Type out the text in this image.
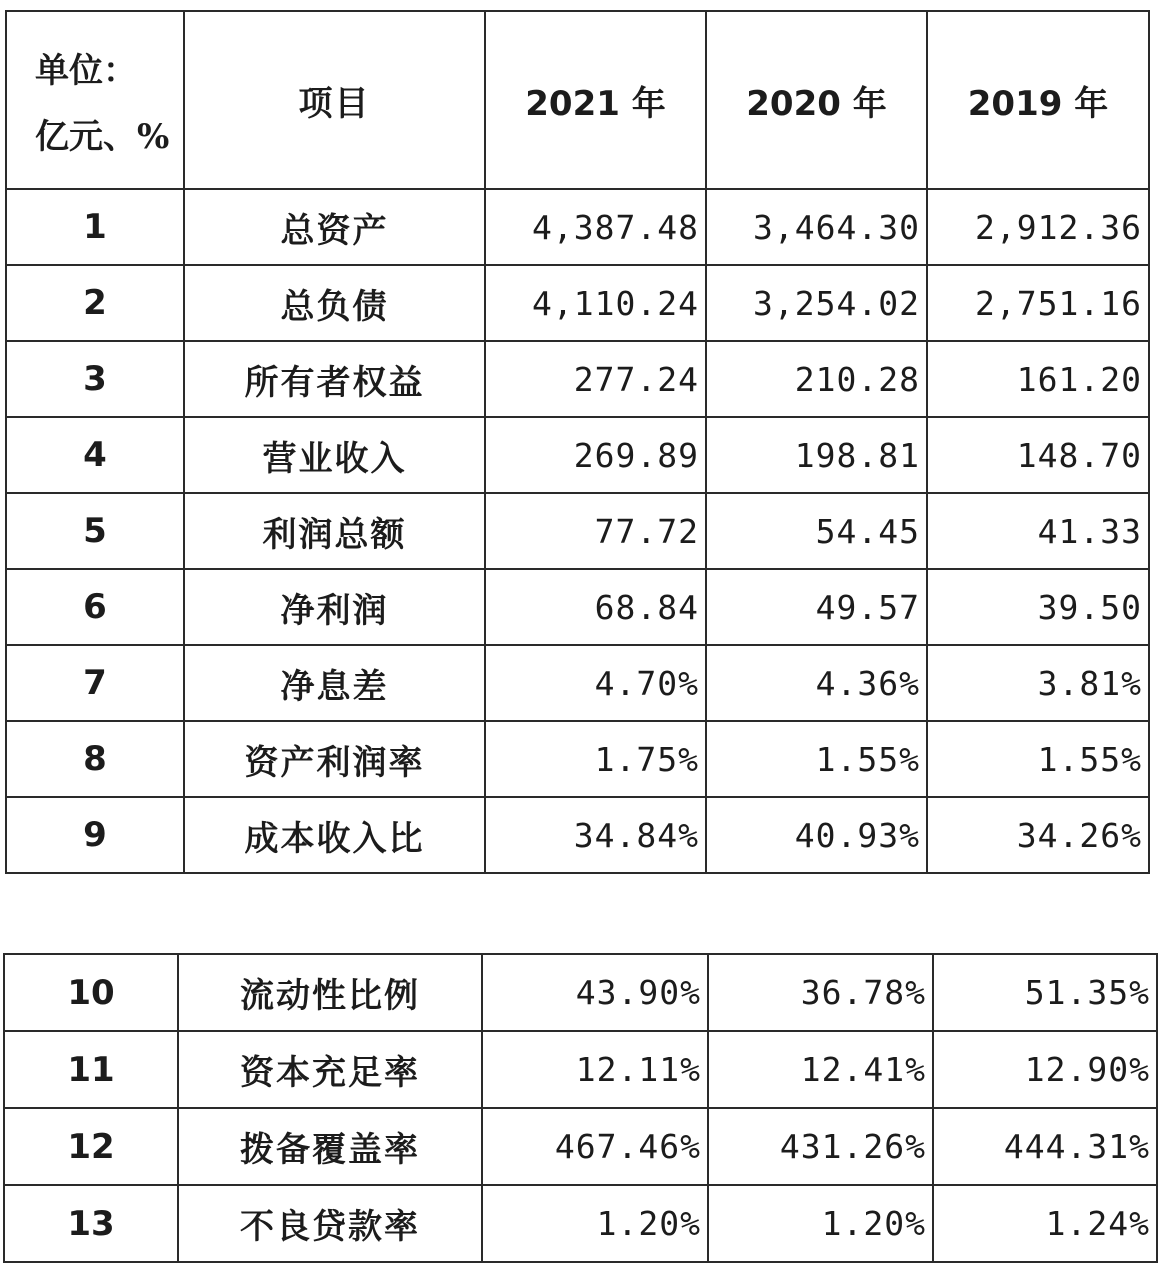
单位：
亿元、%	项目	2021 年	2020 年	2019 年
1	总资产	4,387.48	3,464.30	2,912.36
2	总负债	4,110.24	3,254.02	2,751.16
3	所有者权益	277.24	210.28	161.20
4	营业收入	269.89	198.81	148.70
5	利润总额	77.72	54.45	41.33
6	净利润	68.84	49.57	39.50
7	净息差	4.70%	4.36%	3.81%
8	资产利润率	1.75%	1.55%	1.55%
9	成本收入比	34.84%	40.93%	34.26%
10	流动性比例	43.90%	36.78%	51.35%
11	资本充足率	12.11%	12.41%	12.90%
12	拨备覆盖率	467.46%	431.26%	444.31%
13	不良贷款率	1.20%	1.20%	1.24%
